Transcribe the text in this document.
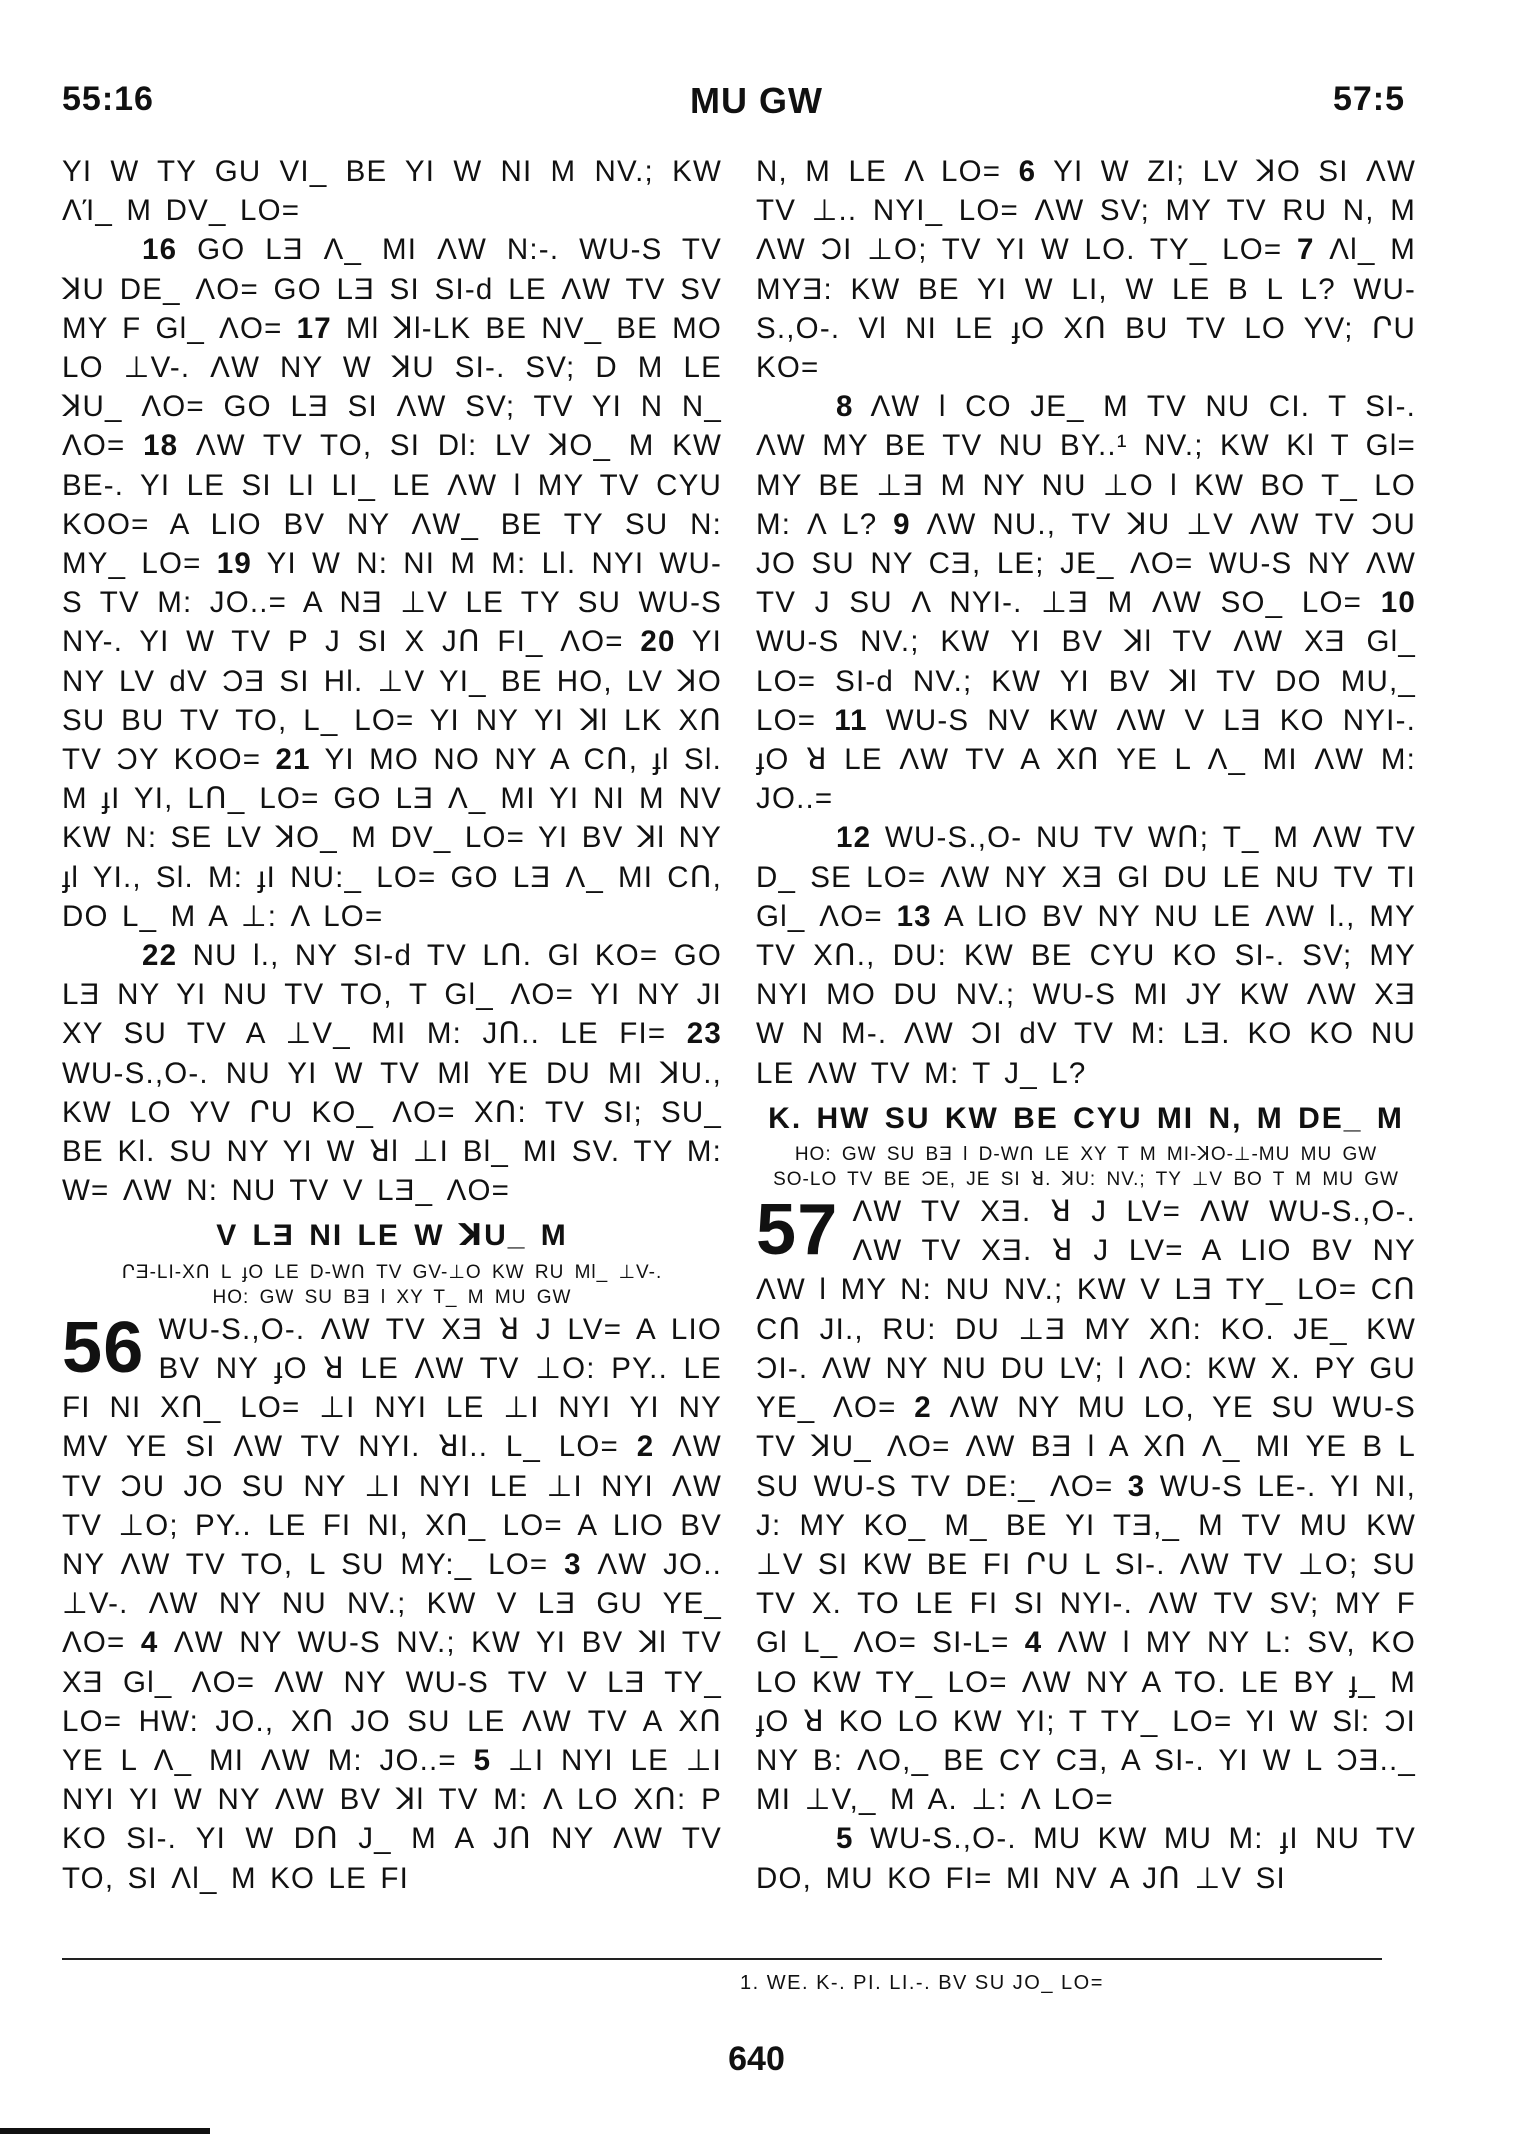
55:16	MU GW	57:5

YI W TY GU VI_ BE YI W NI M NV.; KW ΛΊ_ M DV_ LO=

16 GO LƎ Λ_ MI ΛW N:-. WU-S TV ꓘU DE_ ΛO= GO LƎ SI SI-d LE ΛW TV SV MY F GƖ_ ΛO= 17 MƖ ꓘƖ-LK BE NV_ BE MO LO ⊥V-. ΛW NY W ꓘU SI-. SV; D M LE ꓘU_ ΛO= GO LƎ SI ΛW SV; TV YI N N_ ΛO= 18 ΛW TV TO, SI DƖ: LV ꓘO_ M KW BE-. YI LE SI LI LI_ LE ΛW Ɩ MY TV CYU KOO= A LIO BV NY ΛW_ BE TY SU N: MY_ LO= 19 YI W N: NI M M: LƖ. NYI WU-S TV M: JO..= A NƎ ⊥V LE TY SU WU-S NY-. YI W TV P J SI X JՈ FI_ ΛO= 20 YI NY LV dV ƆƎ SI HƖ. ⊥V YI_ BE HO, LV ꓘO SU BU TV TO, L_ LO= YI NY YI ꓘƖ LK XՈ TV ƆY KOO= 21 YI MO NO NY A CՈ, ɟƖ SƖ. M ɟI YI, LՈ_ LO= GO LƎ Λ_ MI YI NI M NV KW N: SE LV ꓘO_ M DV_ LO= YI BV ꓘƖ NY ɟƖ YI., SƖ. M: ɟI NU:_ LO= GO LƎ Λ_ MI CՈ, DO L_ M A ⊥: Λ LO=

22 NU Ɩ., NY SI-d TV LՈ. GƖ KO= GO LƎ NY YI NU TV TO, T GƖ_ ΛO= YI NY JI XY SU TV A ⊥V_ MI M: JՈ.. LE FI= 23 WU-S.,O-. NU YI W TV MƖ YE DU MI ꓘU., KW LO YV ՐU KO_ ΛO= XՈ: TV SI; SU_ BE KƖ. SU NY YI W ꓤƖ ⊥I BƖ_ MI SV. TY M: W= ΛW N: NU TV V LƎ_ ΛO=

V LƎ NI LE W ꓘU_ M

ՐƎ-LI-XՈ L ɟO LE D-WՈ TV GV-⊥O KW RU MƖ_ ⊥V-.

HO: GW SU BƎ Ɩ XY T_ M MU GW

56 WU-S.,O-. ΛW TV XƎ ꓤ J LV= A LIO BV NY ɟO ꓤ LE ΛW TV ⊥O: PY.. LE FI NI XՈ_ LO= ⊥I NYI LE ⊥I NYI YI NY MV YE SI ΛW TV NYI. ꓤI.. L_ LO= 2 ΛW TV ƆU JO SU NY ⊥I NYI LE ⊥I NYI ΛW TV ⊥O; PY.. LE FI NI, XՈ_ LO= A LIO BV NY ΛW TV TO, L SU MY:_ LO= 3 ΛW JO.. ⊥V-. ΛW NY NU NV.; KW V LƎ GU YE_ ΛO= 4 ΛW NY WU-S NV.; KW YI BV ꓘƖ TV XƎ GƖ_ ΛO= ΛW NY WU-S TV V LƎ TY_ LO= HW: JO., XՈ JO SU LE ΛW TV A XՈ YE L Λ_ MI ΛW M: JO..= 5 ⊥I NYI LE ⊥I NYI YI W NY ΛW BV ꓘƖ TV M: Λ LO XՈ: P KO SI-. YI W DՈ J_ M A JՈ NY ΛW TV TO, SI ΛƖ_ M KO LE FI

N, M LE Λ LO= 6 YI W ZI; LV ꓘO SI ΛW TV ⊥.. NYI_ LO= ΛW SV; MY TV RU N, M ΛW ƆI ⊥O; TV YI W LO. TY_ LO= 7 ΛƖ_ M MYƎ: KW BE YI W LI, W LE B L L? WU-S.,O-. VƖ NI LE ɟO XՈ BU TV LO YV; ՐU KO=

8 ΛW Ɩ CO JE_ M TV NU CI. T SI-. ΛW MY BE TV NU BY..¹ NV.; KW KƖ T GƖ= MY BE ⊥Ǝ M NY NU ⊥O Ɩ KW BO T_ LO M: Λ L? 9 ΛW NU., TV ꓘU ⊥V ΛW TV ƆU JO SU NY CƎ, LE; JE_ ΛO= WU-S NY ΛW TV J SU Λ NYI-. ⊥Ǝ M ΛW SO_ LO= 10 WU-S NV.; KW YI BV ꓘƖ TV ΛW XƎ GƖ_ LO= SI-d NV.; KW YI BV ꓘƖ TV DO MU,_ LO= 11 WU-S NV KW ΛW V LƎ KO NYI-. ɟO ꓤ LE ΛW TV A XՈ YE L Λ_ MI ΛW M: JO..=

12 WU-S.,O- NU TV WՈ; T_ M ΛW TV D_ SE LO= ΛW NY XƎ GƖ DU LE NU TV TI GƖ_ ΛO= 13 A LIO BV NY NU LE ΛW Ɩ., MY TV XՈ., DU: KW BE CYU KO SI-. SV; MY NYI MO DU NV.; WU-S MI JY KW ΛW XƎ W N M-. ΛW ƆI dV TV M: LƎ. KO KO NU LE ΛW TV M: T J_ L?

K. HW SU KW BE CYU MƖ N, M DE_ M

HO: GW SU BƎ Ɩ D-WՈ LE XY T M MI-ꓘO-⊥-MU MU GW

SO-LO TV BE ƆE, JE SI ꓤ. ꓘU: NV.; TY ⊥V BO T M MU GW

57 ΛW TV XƎ. ꓤ J LV= ΛW WU-S.,O-. ΛW TV XƎ. ꓤ J LV= A LIO BV NY ΛW Ɩ MY N: NU NV.; KW V LƎ TY_ LO= CՈ CՈ JI., RU: DU ⊥Ǝ MY XՈ: KO. JE_ KW ƆI-. ΛW NY NU DU LV; Ɩ ΛO: KW X. PY GU YE_ ΛO= 2 ΛW NY MU LO, YE SU WU-S TV ꓘU_ ΛO= ΛW BƎ Ɩ A XՈ Λ_ MI YE B L SU WU-S TV DE:_ ΛO= 3 WU-S LE-. YI NI, J: MY KO_ M_ BE YI TƎ,_ M TV MU KW ⊥V SI KW BE FI ՐU L SI-. ΛW TV ⊥O; SU TV X. TO LE FI SI NYI-. ΛW TV SV; MY F GƖ L_ ΛO= SI-L= 4 ΛW Ɩ MY NY L: SV, KO LO KW TY_ LO= ΛW NY A TO. LE BY ɟ_ M ɟO ꓤ KO LO KW YI; T TY_ LO= YI W SƖ: ƆI NY B: ΛO,_ BE CY CƎ, A SI-. YI W L ƆƎ.._ MI ⊥V,_ M A. ⊥: Λ LO=

5 WU-S.,O-. MU KW MU M: ɟI NU TV DO, MU KO FI= MI NV A JՈ ⊥V SI

1. WE. K-. PI. LI.-. BV SU JO_ LO=
640
